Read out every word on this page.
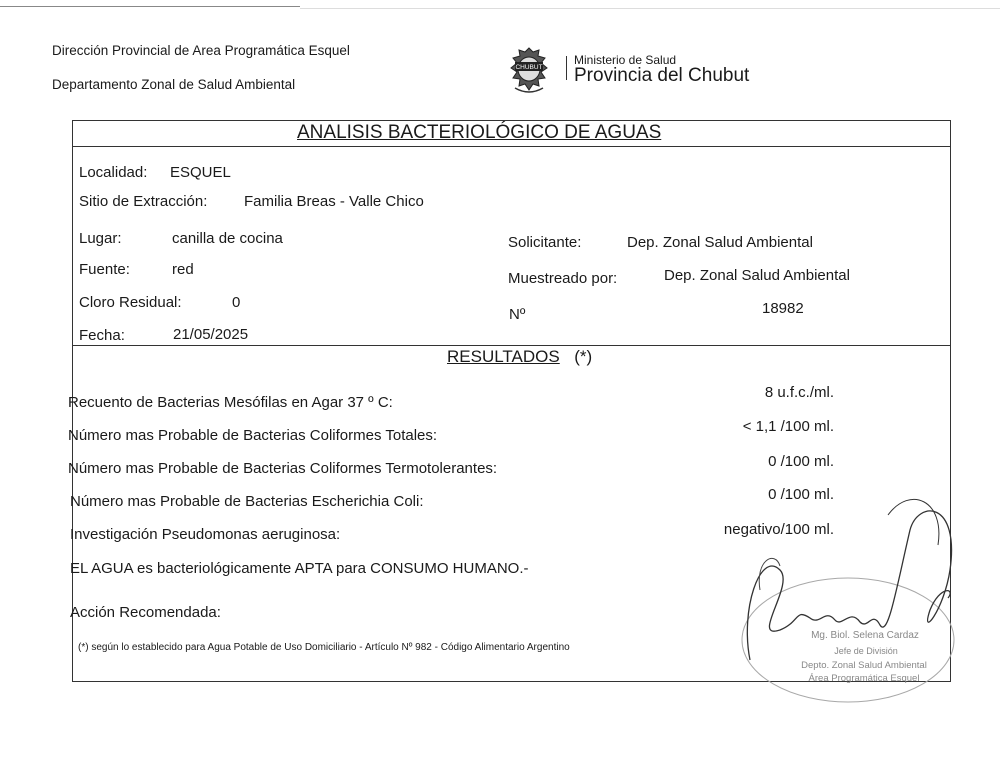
Dirección Provincial de Area Programática Esquel
Departamento Zonal de Salud Ambiental
CHUBUT
Ministerio de Salud
Provincia del Chubut
ANALISIS BACTERIOLÓGICO DE AGUAS
Localidad: ESQUEL
Sitio de Extracción: Familia Breas - Valle Chico
Lugar:	canilla de cocina
Fuente:	red
Cloro Residual:	0
Fecha:	21/05/2025
Solicitante:	Dep. Zonal Salud Ambiental
Muestreado por:	Dep. Zonal Salud Ambiental
Nº	18982
RESULTADOS (*)
Recuento de Bacterias Mesófilas en Agar 37 º C:
8 u.f.c./ml.
Número mas Probable de Bacterias Coliformes Totales:
< 1,1 /100 ml.
Número mas Probable de Bacterias Coliformes Termotolerantes:	0 /100 ml.
Número mas Probable de Bacterias Escherichia Coli:	0 /100 ml.
Investigación Pseudomonas aeruginosa:	negativo/100 ml.
EL AGUA es bacteriológicamente APTA para CONSUMO HUMANO.-
Acción Recomendada:
(*) según lo establecido para Agua Potable de Uso Domiciliario - Artículo Nº 982 - Código Alimentario Argentino
Mg. Biol. Selena Cardaz
Jefe de División
Depto. Zonal Salud Ambiental
Área Programática Esquel
